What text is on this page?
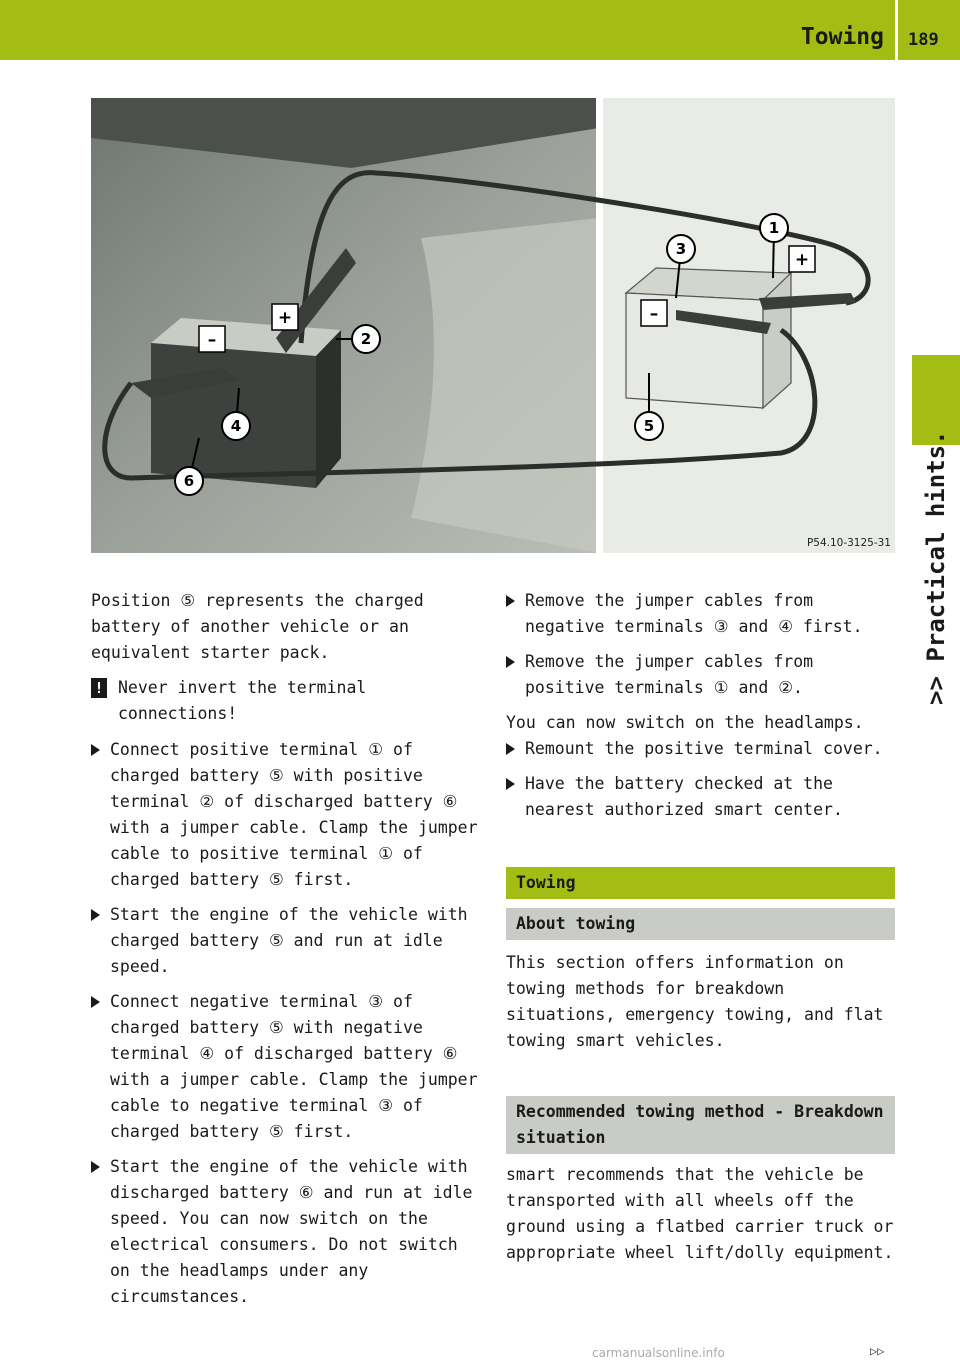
Towing 189
>> Practical hints.
+
–
+
–
2
4
6
1
3
5
P54.10-3125-31

Position ⑤ represents the charged battery of another vehicle or an equivalent starter pack.

! Never invert the terminal connections!
Connect positive terminal ① of charged battery ⑤ with positive terminal ② of discharged battery ⑥ with a jumper cable. Clamp the jumper cable to positive terminal ① of charged battery ⑤ first.
Start the engine of the vehicle with charged battery ⑤ and run at idle speed.
Connect negative terminal ③ of charged battery ⑤ with negative terminal ④ of discharged battery ⑥ with a jumper cable. Clamp the jumper cable to negative terminal ③ of charged battery ⑤ first.
Start the engine of the vehicle with discharged battery ⑥ and run at idle speed. You can now switch on the electrical consumers. Do not switch on the headlamps under any circumstances.
Remove the jumper cables from negative terminals ③ and ④ first.
Remove the jumper cables from positive terminals ① and ②.

You can now switch on the headlamps.

Remount the positive terminal cover.
Have the battery checked at the nearest authorized smart center.
Towing
About towing
This section offers information on towing methods for breakdown situations, emergency towing, and flat towing smart vehicles.
Recommended towing method - Breakdown situation
smart recommends that the vehicle be transported with all wheels off the ground using a flatbed carrier truck or appropriate wheel lift/dolly equipment.
▷▷
carmanualsonline.info
